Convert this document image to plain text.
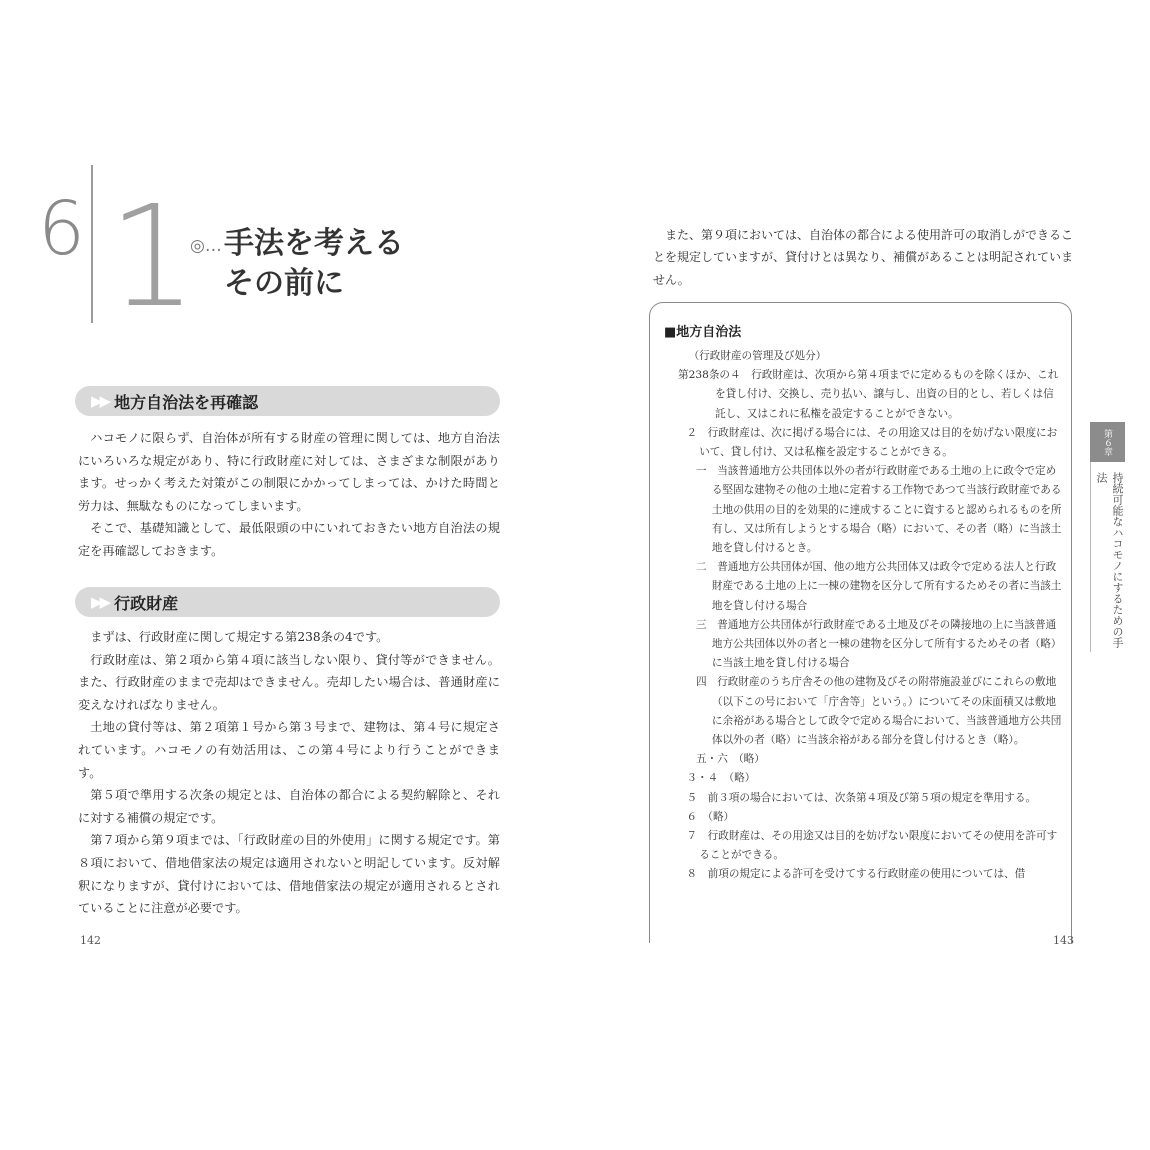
6 1
◎… 手法を考える
その前に
▶▶ 地方自治法を再確認

ハコモノに限らず、自治体が所有する財産の管理に関しては、地方自治法にいろいろな規定があり、特に行政財産に対しては、さまざまな制限があります。せっかく考えた対策がこの制限にかかってしまっては、かけた時間と労力は、無駄なものになってしまいます。

そこで、基礎知識として、最低限頭の中にいれておきたい地方自治法の規定を再確認しておきます。

▶▶ 行政財産

まずは、行政財産に関して規定する第238条の4です。

行政財産は、第２項から第４項に該当しない限り、貸付等ができません。また、行政財産のままで売却はできません。売却したい場合は、普通財産に変えなければなりません。

土地の貸付等は、第２項第１号から第３号まで、建物は、第４号に規定されています。ハコモノの有効活用は、この第４号により行うことができます。

第５項で準用する次条の規定とは、自治体の都合による契約解除と、それに対する補償の規定です。

第７項から第９項までは、「行政財産の目的外使用」に関する規定です。第８項において、借地借家法の規定は適用されないと明記しています。反対解釈になりますが、貸付けにおいては、借地借家法の規定が適用されるとされていることに注意が必要です。

142

また、第９項においては、自治体の都合による使用許可の取消しができることを規定していますが、貸付けとは異なり、補償があることは明記されていません。

■地方自治法
（行政財産の管理及び処分）
第238条の４　行政財産は、次項から第４項までに定めるものを除くほか、これを貸し付け、交換し、売り払い、譲与し、出資の目的とし、若しくは信託し、又はこれに私権を設定することができない。
２　行政財産は、次に掲げる場合には、その用途又は目的を妨げない限度において、貸し付け、又は私権を設定することができる。
一　当該普通地方公共団体以外の者が行政財産である土地の上に政令で定める堅固な建物その他の土地に定着する工作物であつて当該行政財産である土地の供用の目的を効果的に達成することに資すると認められるものを所有し、又は所有しようとする場合（略）において、その者（略）に当該土地を貸し付けるとき。
二　普通地方公共団体が国、他の地方公共団体又は政令で定める法人と行政財産である土地の上に一棟の建物を区分して所有するためその者に当該土地を貸し付ける場合
三　普通地方公共団体が行政財産である土地及びその隣接地の上に当該普通地方公共団体以外の者と一棟の建物を区分して所有するためその者（略）に当該土地を貸し付ける場合
四　行政財産のうち庁舎その他の建物及びその附帯施設並びにこれらの敷地（以下この号において「庁舎等」という。）についてその床面積又は敷地に余裕がある場合として政令で定める場合において、当該普通地方公共団体以外の者（略）に当該余裕がある部分を貸し付けるとき（略）。
五・六　（略）
３・４　（略）
５　前３項の場合においては、次条第４項及び第５項の規定を準用する。
６　（略）
７　行政財産は、その用途又は目的を妨げない限度においてその使用を許可することができる。
８　前項の規定による許可を受けてする行政財産の使用については、借
第６章
持続可能なハコモノにするための手法
143
